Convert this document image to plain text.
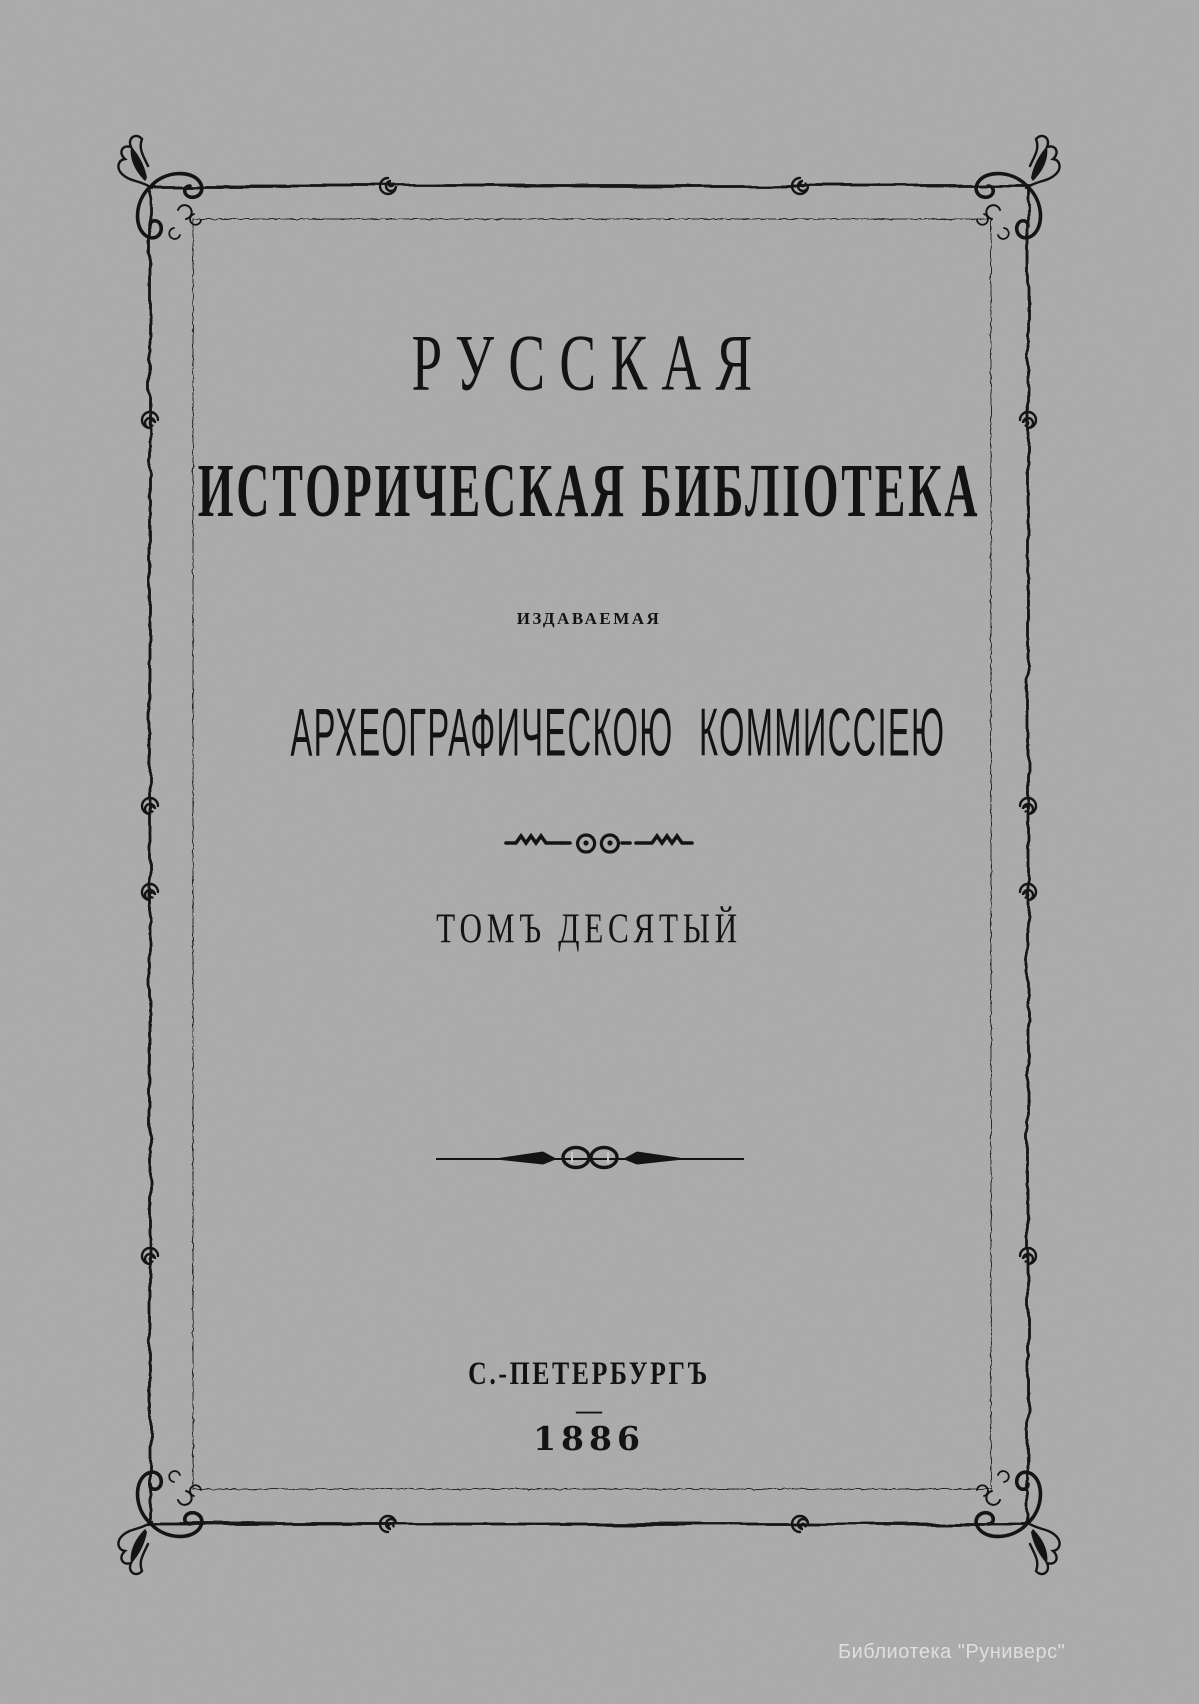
РУССКАЯ
ИСТОРИЧЕСКАЯ БИБЛІОТЕКА
ИЗДАВАЕМАЯ
АРХЕОГРАФИЧЕСКОЮ КОММИССІЕЮ
ТОМЪ ДЕСЯТЫЙ
С.-ПЕТЕРБУРГЪ
—
1886
Библиотека "Руниверс"
